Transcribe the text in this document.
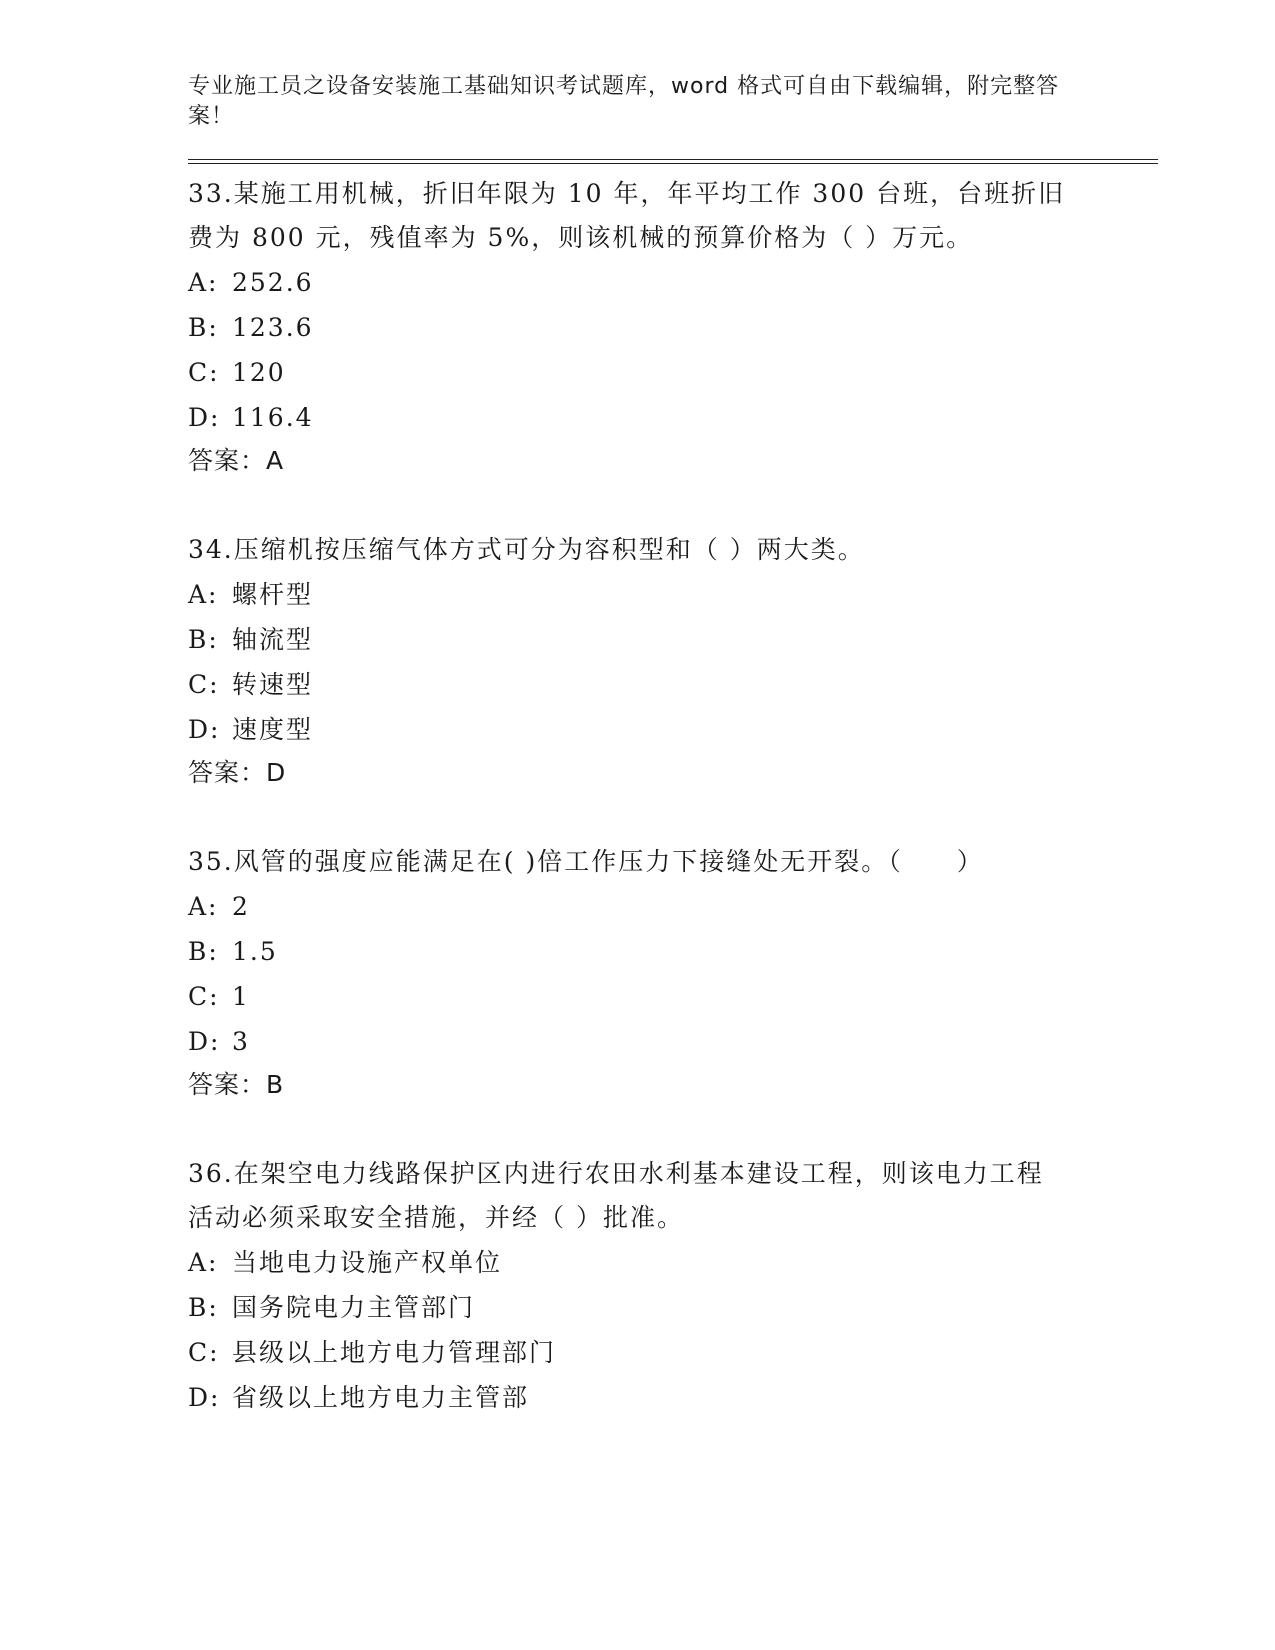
专业施工员之设备安装施工基础知识考试题库，word 格式可自由下载编辑，附完整答案！

33.某施工用机械，折旧年限为 10 年，年平均工作 300 台班，台班折旧费为 800 元，残值率为 5%，则该机械的预算价格为（ ）万元。

A: 252.6

B: 123.6

C: 120

D: 116.4

答案：A

34.压缩机按压缩气体方式可分为容积型和（ ）两大类。

A: 螺杆型

B: 轴流型

C: 转速型

D: 速度型

答案：D

35.风管的强度应能满足在( )倍工作压力下接缝处无开裂。（　　）

A: 2

B: 1.5

C: 1

D: 3

答案：B

36.在架空电力线路保护区内进行农田水利基本建设工程，则该电力工程活动必须采取安全措施，并经（ ）批准。

A: 当地电力设施产权单位

B: 国务院电力主管部门

C: 县级以上地方电力管理部门

D: 省级以上地方电力主管部
